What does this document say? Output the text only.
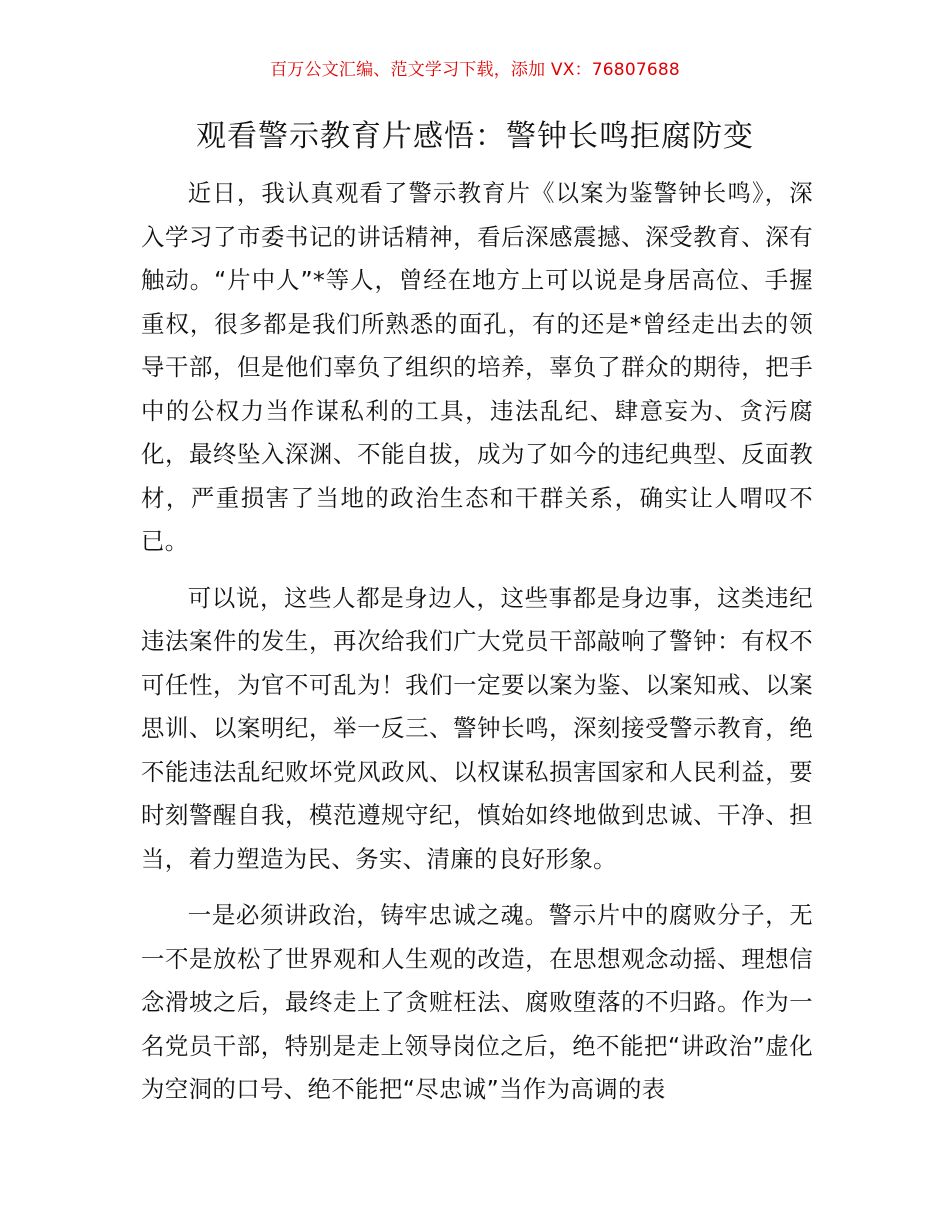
百万公文汇编、范文学习下载，添加 VX：76807688
观看警示教育片感悟：警钟长鸣拒腐防变

近日，我认真观看了警示教育片《以案为鉴警钟长鸣》，深入学习了市委书记的讲话精神，看后深感震撼、深受教育、深有触动。“片中人”*等人，曾经在地方上可以说是身居高位、手握重权，很多都是我们所熟悉的面孔，有的还是*曾经走出去的领导干部，但是他们辜负了组织的培养，辜负了群众的期待，把手中的公权力当作谋私利的工具，违法乱纪、肆意妄为、贪污腐化，最终坠入深渊、不能自拔，成为了如今的违纪典型、反面教材，严重损害了当地的政治生态和干群关系，确实让人喟叹不已。

可以说，这些人都是身边人，这些事都是身边事，这类违纪违法案件的发生，再次给我们广大党员干部敲响了警钟：有权不可任性，为官不可乱为！我们一定要以案为鉴、以案知戒、以案思训、以案明纪，举一反三、警钟长鸣，深刻接受警示教育，绝不能违法乱纪败坏党风政风、以权谋私损害国家和人民利益，要时刻警醒自我，模范遵规守纪，慎始如终地做到忠诚、干净、担当，着力塑造为民、务实、清廉的良好形象。

一是必须讲政治，铸牢忠诚之魂。警示片中的腐败分子，无一不是放松了世界观和人生观的改造，在思想观念动摇、理想信念滑坡之后，最终走上了贪赃枉法、腐败堕落的不归路。作为一名党员干部，特别是走上领导岗位之后，绝不能把“讲政治”虚化为空洞的口号、绝不能把“尽忠诚”当作为高调的表
